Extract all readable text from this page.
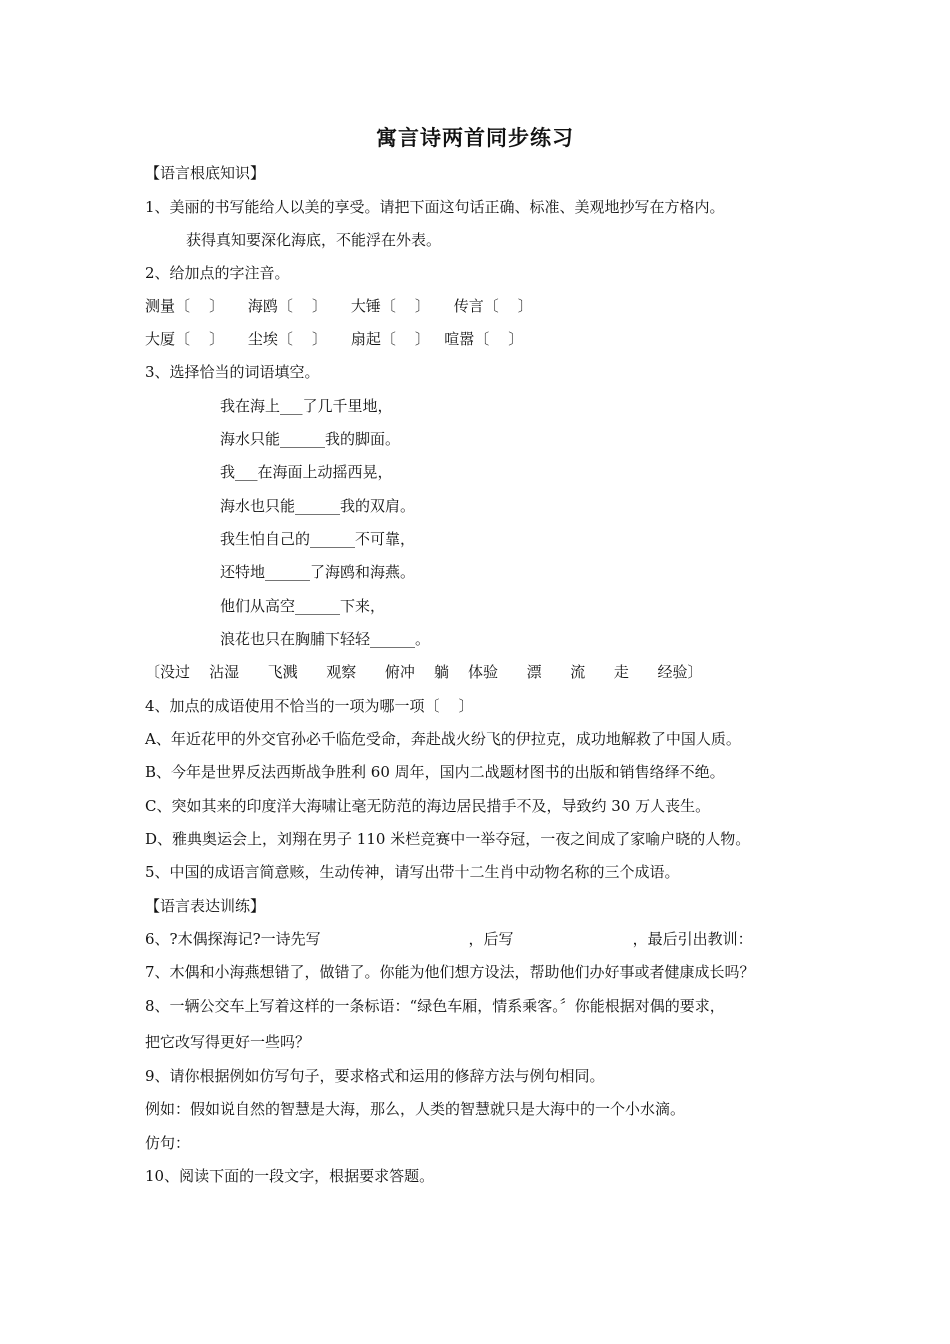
寓言诗两首同步练习
【语言根底知识】
1、美丽的书写能给人以美的享受。请把下面这句话正确、标准、美观地抄写在方格内。
获得真知要深化海底，不能浮在外表。
2、给加点的字注音。
测量〔    〕     海鸥〔    〕     大锤〔    〕     传言〔    〕
大厦〔    〕     尘埃〔    〕     扇起〔    〕   喧嚣〔    〕
3、选择恰当的词语填空。
我在海上___了几千里地，
海水只能______我的脚面。
我___在海面上动摇西晃，
海水也只能______我的双肩。
我生怕自己的______不可靠，
还特地______了海鸥和海燕。
他们从高空______下来，
浪花也只在胸脯下轻轻______。
〔没过    沾湿      飞溅      观察      俯冲    躺    体验      漂      流      走      经验〕
4、加点的成语使用不恰当的一项为哪一项〔    〕
A、年近花甲的外交官孙必千临危受命，奔赴战火纷飞的伊拉克，成功地解救了中国人质。
B、今年是世界反法西斯战争胜利 60 周年，国内二战题材图书的出版和销售络绎不绝。
C、突如其来的印度洋大海啸让毫无防范的海边居民措手不及，导致约 30 万人丧生。
D、雅典奥运会上，刘翔在男子 110 米栏竞赛中一举夺冠，一夜之间成了家喻户晓的人物。
5、中国的成语言简意赅，生动传神，请写出带十二生肖中动物名称的三个成语。
【语言表达训练】
6、?木偶探海记?一诗先写                               ，后写                         ，最后引出教训：
7、木偶和小海燕想错了，做错了。你能为他们想方设法，帮助他们办好事或者健康成长吗？
8、一辆公交车上写着这样的一条标语：“绿色车厢，情系乘客。〞你能根据对偶的要求，
把它改写得更好一些吗？
9、请你根据例如仿写句子，要求格式和运用的修辞方法与例句相同。
例如：假如说自然的智慧是大海，那么，人类的智慧就只是大海中的一个小水滴。
仿句：
10、阅读下面的一段文字，根据要求答题。
